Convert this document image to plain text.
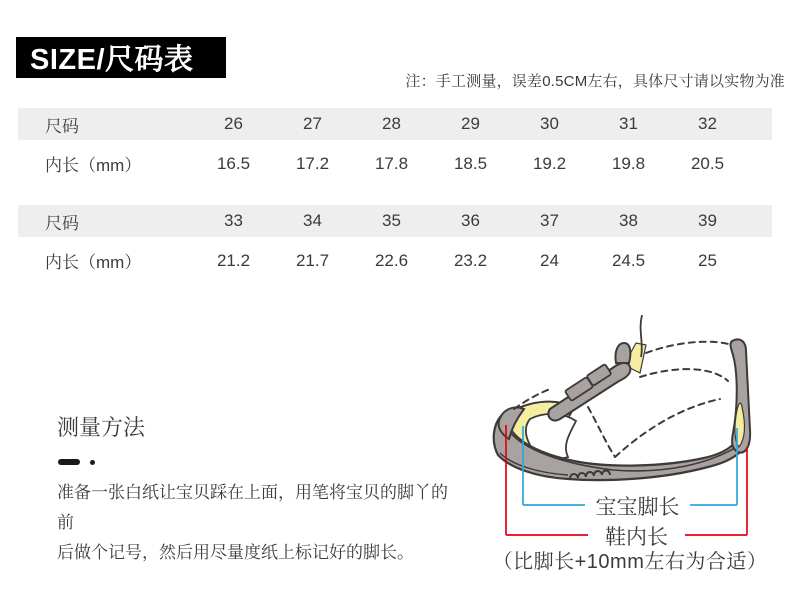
SIZE/尺码表
注：手工测量，误差0.5CM左右，具体尺寸请以实物为准
尺码	26	27	28	29	30	31	32
内长（mm）	16.5	17.2	17.8	18.5	19.2	19.8	20.5
尺码	33	34	35	36	37	38	39
内长（mm）	21.2	21.7	22.6	23.2	24	24.5	25
测量方法
准备一张白纸让宝贝踩在上面，用笔将宝贝的脚丫的前
后做个记号，然后用尽量度纸上标记好的脚长。
宝宝脚长
鞋内长
（比脚长+10mm左右为合适）
